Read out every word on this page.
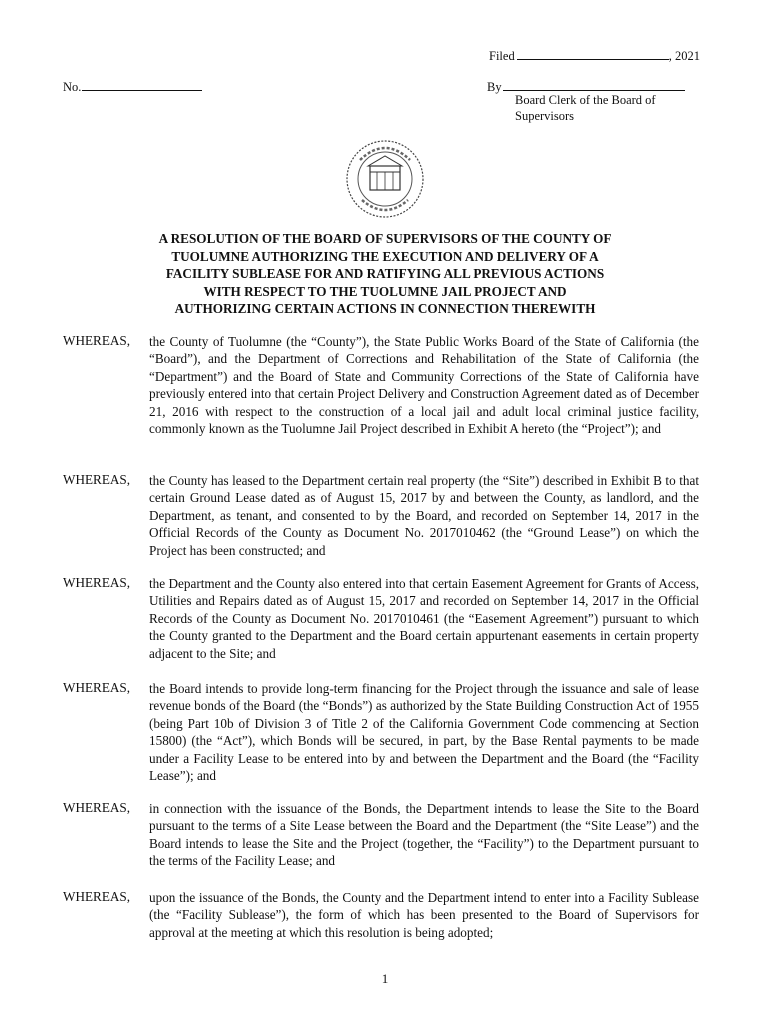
Filed	, 2021
No.	By
Board Clerk of the Board of Supervisors
A RESOLUTION OF THE BOARD OF SUPERVISORS OF THE COUNTY OF
TUOLUMNE AUTHORIZING THE EXECUTION AND DELIVERY OF A
FACILITY SUBLEASE FOR AND RATIFYING ALL PREVIOUS ACTIONS
WITH RESPECT TO THE TUOLUMNE JAIL PROJECT AND
AUTHORIZING CERTAIN ACTIONS IN CONNECTION THEREWITH
WHEREAS, the County of Tuolumne (the “County”), the State Public Works Board of the State of California (the “Board”), and the Department of Corrections and Rehabilitation of the State of California (the “Department”) and the Board of State and Community Corrections of the State of California have previously entered into that certain Project Delivery and Construction Agreement dated as of December 21, 2016 with respect to the construction of a local jail and adult local criminal justice facility, commonly known as the Tuolumne Jail Project described in Exhibit A hereto (the “Project”); and
WHEREAS, the County has leased to the Department certain real property (the “Site”) described in Exhibit B to that certain Ground Lease dated as of August 15, 2017 by and between the County, as landlord, and the Department, as tenant, and consented to by the Board, and recorded on September 14, 2017 in the Official Records of the County as Document No. 2017010462 (the “Ground Lease”) on which the Project has been constructed; and
WHEREAS, the Department and the County also entered into that certain Easement Agreement for Grants of Access, Utilities and Repairs dated as of August 15, 2017 and recorded on September 14, 2017 in the Official Records of the County as Document No. 2017010461 (the “Easement Agreement”) pursuant to which the County granted to the Department and the Board certain appurtenant easements in certain property adjacent to the Site; and
WHEREAS, the Board intends to provide long-term financing for the Project through the issuance and sale of lease revenue bonds of the Board (the “Bonds”) as authorized by the State Building Construction Act of 1955 (being Part 10b of Division 3 of Title 2 of the California Government Code commencing at Section 15800) (the “Act”), which Bonds will be secured, in part, by the Base Rental payments to be made under a Facility Lease to be entered into by and between the Department and the Board (the “Facility Lease”); and
WHEREAS, in connection with the issuance of the Bonds, the Department intends to lease the Site to the Board pursuant to the terms of a Site Lease between the Board and the Department (the “Site Lease”) and the Board intends to lease the Site and the Project (together, the “Facility”) to the Department pursuant to the terms of the Facility Lease; and
WHEREAS, upon the issuance of the Bonds, the County and the Department intend to enter into a Facility Sublease (the “Facility Sublease”), the form of which has been presented to the Board of Supervisors for approval at the meeting at which this resolution is being adopted;
1
